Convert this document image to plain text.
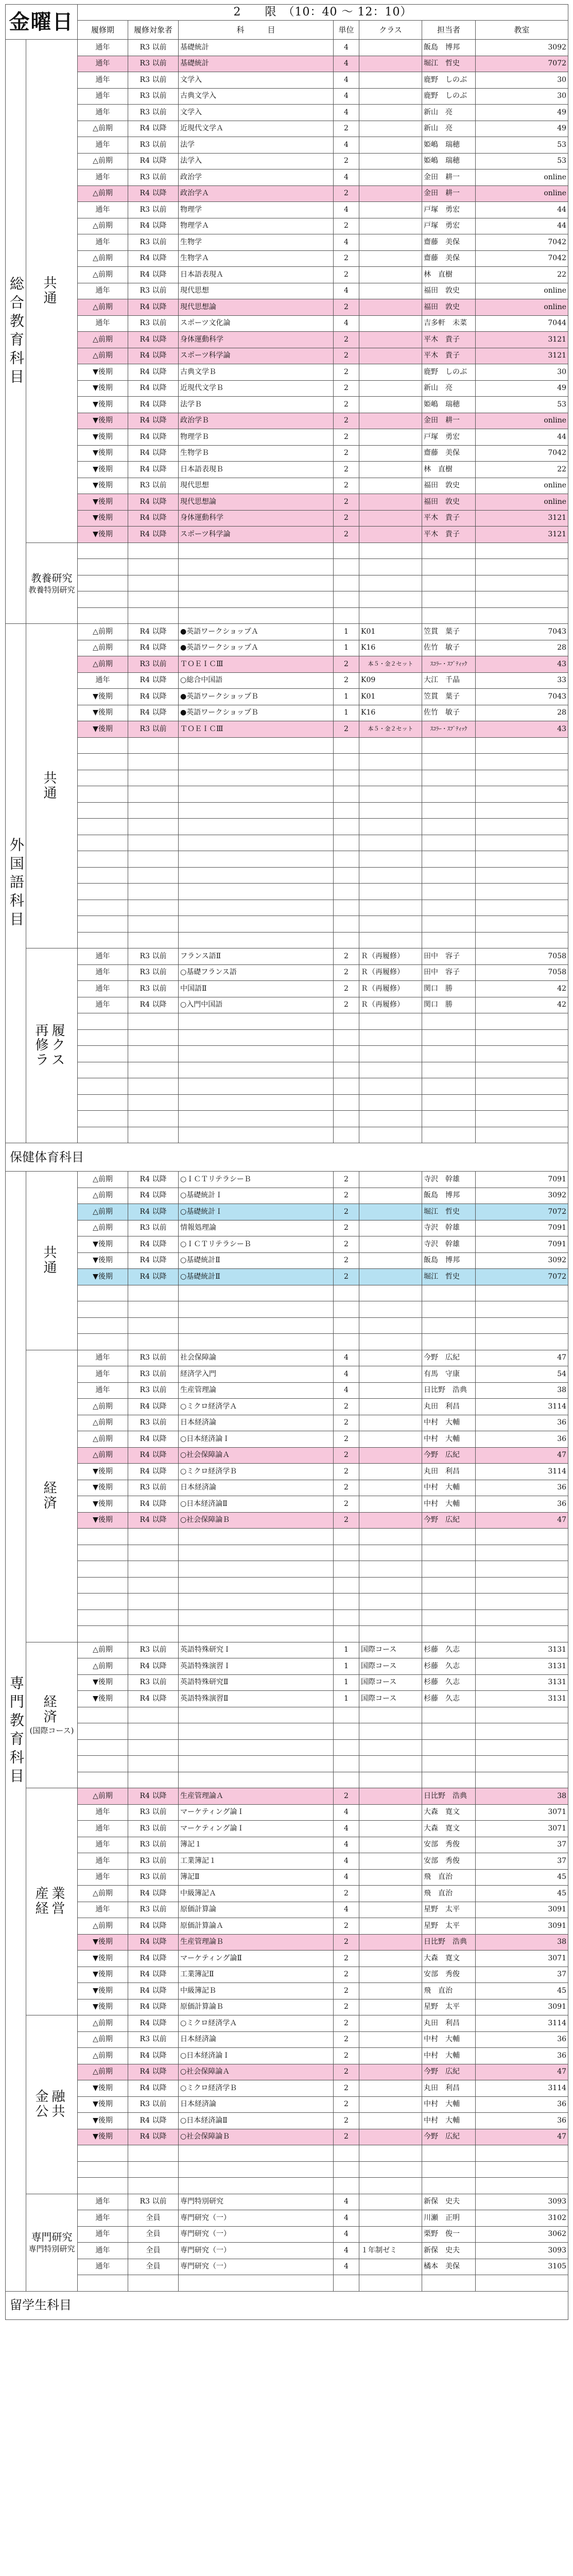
金曜日		2　　限　（10：40 〜 12：10）						
		履修期	履修対象者	科　　　目	単位	クラス	担当者	教室
総合教育科目	共　通	通年	R3 以前	基礎統計	4		飯島　博邦	3092
		通年	R3 以前	基礎統計	4		堀江　哲史	7072
		通年	R3 以前	文学入	4		鹿野　しのぶ	30
		通年	R3 以前	古典文学入	4		鹿野　しのぶ	30
		通年	R3 以前	文学入	4		新山　亮	49
		△前期	R4 以降	近現代文学Ａ	2		新山　亮	49
		通年	R3 以前	法学	4		姫嶋　瑞穂	53
		△前期	R4 以降	法学入	2		姫嶋　瑞穂	53
		通年	R3 以前	政治学	4		金田　耕一	online
		△前期	R4 以降	政治学Ａ	2		金田　耕一	online
		通年	R3 以前	物理学	4		戸塚　勇宏	44
		△前期	R4 以降	物理学Ａ	2		戸塚　勇宏	44
		通年	R3 以前	生物学	4		齋藤　美保	7042
		△前期	R4 以降	生物学Ａ	2		齋藤　美保	7042
		△前期	R4 以降	日本語表現Ａ	2		林　直樹	22
		通年	R3 以前	現代思想	4		福田　敦史	online
		△前期	R4 以降	現代思想論	2		福田　敦史	online
		通年	R3 以前	スポーツ文化論	4		吉多軒　未菜	7044
		△前期	R4 以降	身体運動科学	2		平木　貴子	3121
		△前期	R4 以降	スポーツ科学論	2		平木　貴子	3121
		▼後期	R4 以降	古典文学Ｂ	2		鹿野　しのぶ	30
		▼後期	R4 以降	近現代文学Ｂ	2		新山　亮	49
		▼後期	R4 以降	法学Ｂ	2		姫嶋　瑞穂	53
		▼後期	R4 以降	政治学Ｂ	2		金田　耕一	online
		▼後期	R4 以降	物理学Ｂ	2		戸塚　勇宏	44
		▼後期	R4 以降	生物学Ｂ	2		齋藤　美保	7042
		▼後期	R4 以降	日本語表現Ｂ	2		林　直樹	22
		▼後期	R3 以前	現代思想	2		福田　敦史	online
		▼後期	R4 以降	現代思想論	2		福田　敦史	online
		▼後期	R4 以降	身体運動科学	2		平木　貴子	3121
		▼後期	R4 以降	スポーツ科学論	2		平木　貴子	3121
	教養研究
教養特別研究							

外国語科目	共　通	△前期	R4 以降	●英語ワークショップＡ	1	K01	笠貫　葉子	7043
		△前期	R4 以降	●英語ワークショップＡ	1	K16	佐竹　敏子	28
		△前期	R3 以前	ＴＯＥＩＣⅢ	2	本５・金２セット	ｽｺﾗｰ・ｽﾌﾞﾃｨｯｸ	43
		通年	R4 以降	○総合中国語	2	K09	大江　千晶	33
		▼後期	R4 以降	●英語ワークショップＢ	1	K01	笠貫　葉子	7043
		▼後期	R4 以降	●英語ワークショップＢ	1	K16	佐竹　敏子	28
		▼後期	R3 以前	ＴＯＥＩＣⅢ	2	本５・金２セット	ｽｺﾗｰ・ｽﾌﾞﾃｨｯｸ	43

	再履修クラス	通年	R3 以前	フランス語Ⅱ	2	Ｒ（再履修）	田中　容子	7058
		通年	R3 以前	○基礎フランス語	2	Ｒ（再履修）	田中　容子	7058
		通年	R3 以前	中国語Ⅱ	2	Ｒ（再履修）	関口　勝	42
		通年	R4 以降	○入門中国語	2	Ｒ（再履修）	関口　勝	42

保健体育科目								
専門教育科目	共　通	△前期	R4 以降	○ＩＣＴリテラシーＢ	2		寺沢　幹雄	7091
		△前期	R4 以降	○基礎統計Ｉ	2		飯島　博邦	3092
		△前期	R4 以降	○基礎統計Ｉ	2		堀江　哲史	7072
		△前期	R3 以前	情報処理論	2		寺沢　幹雄	7091
		▼後期	R4 以降	○ＩＣＴリテラシーＢ	2		寺沢　幹雄	7091
		▼後期	R4 以降	○基礎統計Ⅱ	2		飯島　博邦	3092
		▼後期	R4 以降	○基礎統計Ⅱ	2		堀江　哲史	7072

	経　済	通年	R3 以前	社会保障論	4		今野　広紀	47
		通年	R3 以前	経済学入門	4		有馬　守康	54
		通年	R3 以前	生産管理論	4		日比野　浩典	38
		△前期	R4 以降	○ミクロ経済学Ａ	2		丸田　利昌	3114
		△前期	R3 以前	日本経済論	2		中村　大輔	36
		△前期	R4 以降	○日本経済論Ｉ	2		中村　大輔	36
		△前期	R4 以降	○社会保障論Ａ	2		今野　広紀	47
		▼後期	R4 以降	○ミクロ経済学Ｂ	2		丸田　利昌	3114
		▼後期	R3 以前	日本経済論	2		中村　大輔	36
		▼後期	R4 以降	○日本経済論Ⅱ	2		中村　大輔	36
		▼後期	R4 以降	○社会保障論Ｂ	2		今野　広紀	47

	経　済
(国際コース)	△前期	R3 以前	英語特殊研究Ｉ	1	国際コース	杉藤　久志	3131
		△前期	R4 以降	英語特殊演習Ｉ	1	国際コース	杉藤　久志	3131
		▼後期	R3 以前	英語特殊研究Ⅱ	1	国際コース	杉藤　久志	3131
		▼後期	R4 以降	英語特殊演習Ⅱ	1	国際コース	杉藤　久志	3131

	産業経営	△前期	R4 以降	生産管理論Ａ	2		日比野　浩典	38
		通年	R3 以前	マーケティング論Ｉ	4		大森　寛文	3071
		通年	R3 以前	マーケティング論Ｉ	4		大森　寛文	3071
		通年	R3 以前	簿記１	4		安部　秀俊	37
		通年	R3 以前	工業簿記１	4		安部　秀俊	37
		通年	R3 以前	簿記Ⅱ	4		飛　直治	45
		△前期	R4 以降	中級簿記Ａ	2		飛　直治	45
		通年	R3 以前	原価計算論	4		星野　太平	3091
		△前期	R4 以降	原価計算論Ａ	2		星野　太平	3091
		▼後期	R4 以降	生産管理論Ｂ	2		日比野　浩典	38
		▼後期	R4 以降	マーケティング論Ⅱ	2		大森　寛文	3071
		▼後期	R4 以降	工業簿記Ⅱ	2		安部　秀俊	37
		▼後期	R4 以降	中級簿記Ｂ	2		飛　直治	45
		▼後期	R4 以降	原価計算論Ｂ	2		星野　太平	3091
	金融公共	△前期	R4 以降	○ミクロ経済学Ａ	2		丸田　利昌	3114
		△前期	R3 以前	日本経済論	2		中村　大輔	36
		△前期	R4 以降	○日本経済論Ｉ	2		中村　大輔	36
		△前期	R4 以降	○社会保障論Ａ	2		今野　広紀	47
		▼後期	R4 以降	○ミクロ経済学Ｂ	2		丸田　利昌	3114
		▼後期	R3 以前	日本経済論	2		中村　大輔	36
		▼後期	R4 以降	○日本経済論Ⅱ	2		中村　大輔	36
		▼後期	R4 以降	○社会保障論Ｂ	2		今野　広紀	47

	専門研究
専門特別研究	通年	R3 以前	専門特別研究	4		新保　史夫	3093
		通年	全員	専門研究（一）	4		川瀬　正明	3102
		通年	全員	専門研究（一）	4		栗野　俊一	3062
		通年	全員	専門研究（一）	4	１年制ゼミ	新保　史夫	3093
		通年	全員	専門研究（一）	4		橘本　美保	3105

留学生科目								
